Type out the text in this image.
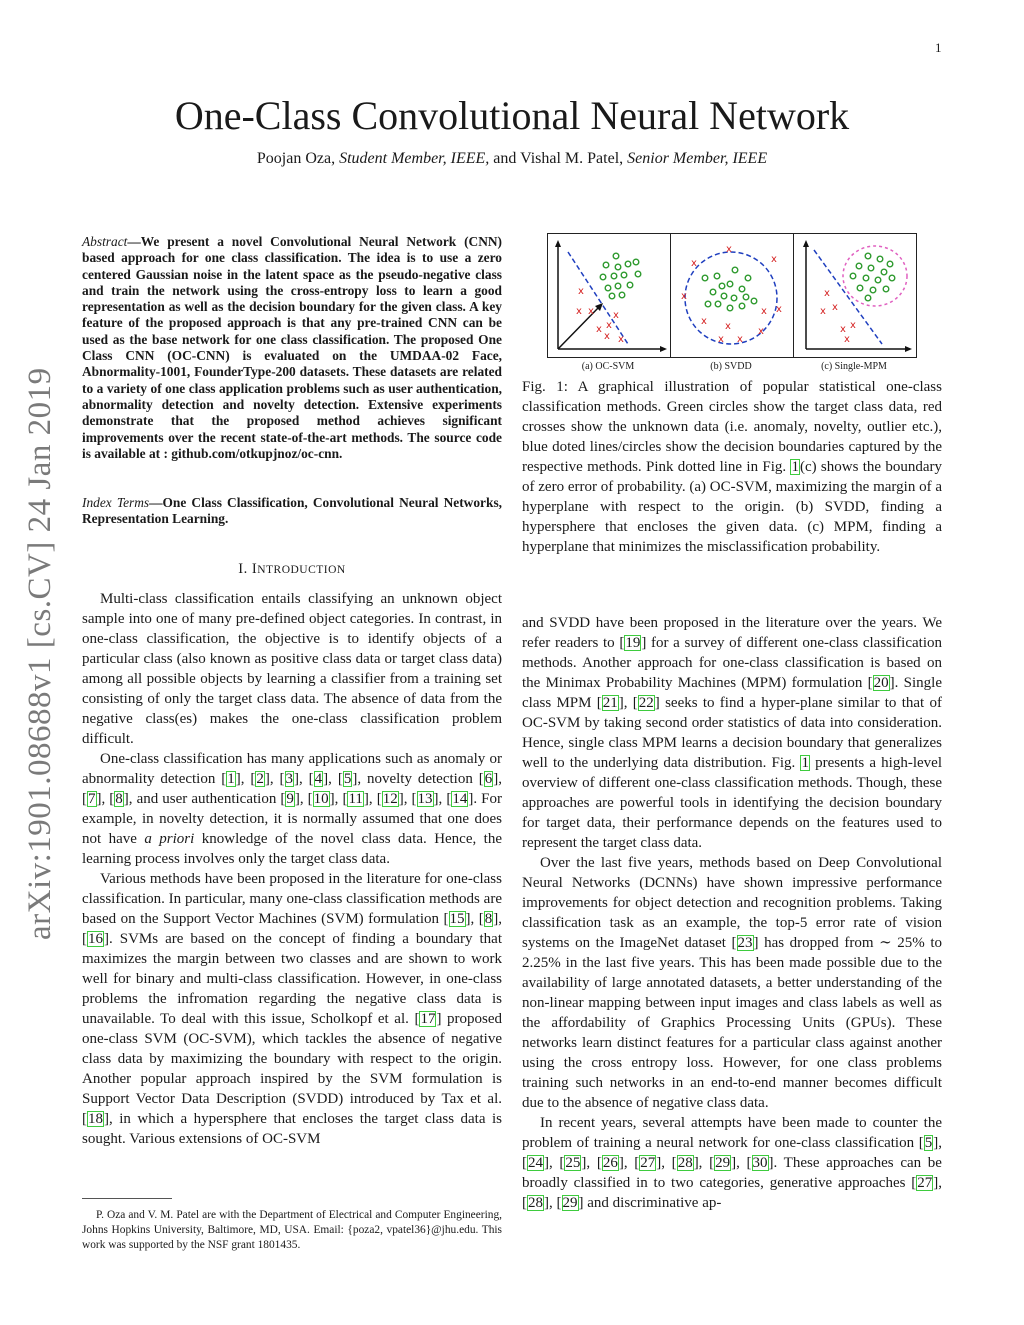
1
arXiv:1901.08688v1 [cs.CV] 24 Jan 2019
One-Class Convolutional Neural Network
Poojan Oza, Student Member, IEEE, and Vishal M. Patel, Senior Member, IEEE
Abstract—We present a novel Convolutional Neural Network (CNN) based approach for one class classification. The idea is to use a zero centered Gaussian noise in the latent space as the pseudo-negative class and train the network using the cross-entropy loss to learn a good representation as well as the decision boundary for the given class. A key feature of the proposed approach is that any pre-trained CNN can be used as the base network for one class classification. The proposed One Class CNN (OC-CNN) is evaluated on the UMDAA-02 Face, Abnormality-1001, FounderType-200 datasets. These datasets are related to a variety of one class application problems such as user authentication, abnormality detection and novelty detection. Extensive experiments demonstrate that the proposed method achieves significant improvements over the recent state-of-the-art methods. The source code is available at : github.com/otkupjnoz/oc-cnn.
Index Terms—One Class Classification, Convolutional Neural Networks, Representation Learning.
I. INTRODUCTION

Multi-class classification entails classifying an unknown object sample into one of many pre-defined object categories. In contrast, in one-class classification, the objective is to identify objects of a particular class (also known as positive class data or target class data) among all possible objects by learning a classifier from a training set consisting of only the target class data. The absence of data from the negative class(es) makes the one-class classification problem difficult.

One-class classification has many applications such as anomaly or abnormality detection [1], [2], [3], [4], [5], novelty detection [6], [7], [8], and user authentication [9], [10], [11], [12], [13], [14]. For example, in novelty detection, it is normally assumed that one does not have a priori knowledge of the novel class data. Hence, the learning process involves only the target class data.

Various methods have been proposed in the literature for one-class classification. In particular, many one-class classification methods are based on the Support Vector Machines (SVM) formulation [15], [8], [16]. SVMs are based on the concept of finding a boundary that maximizes the margin between two classes and are shown to work well for binary and multi-class classification. However, in one-class problems the infromation regarding the negative class data is unavailable. To deal with this issue, Scholkopf et al. [17] proposed one-class SVM (OC-SVM), which tackles the absence of negative class data by maximizing the boundary with respect to the origin. Another popular approach inspired by the SVM formulation is Support Vector Data Description (SVDD) introduced by Tax et al. [18], in which a hypersphere that encloses the target class data is sought. Various extensions of OC-SVM

P. Oza and V. M. Patel are with the Department of Electrical and Computer Engineering, Johns Hopkins University, Baltimore, MD, USA. Email: {poza2, vpatel36}@jhu.edu. This work was supported by the NSF grant 1801435.
x
x x
x x
x
x
x
x
x
x
x
x
x
x x	x
x x
x
x
x
x x
x
(a) OC-SVM	(b) SVDD	(c) Single-MPM
Fig. 1: A graphical illustration of popular statistical one-class classification methods. Green circles show the target class data, red crosses show the unknown data (i.e. anomaly, novelty, outlier etc.), blue doted lines/circles show the decision boundaries captured by the respective methods. Pink dotted line in Fig. 1(c) shows the boundary of zero error of probability. (a) OC-SVM, maximizing the margin of a hyperplane with respect to the origin. (b) SVDD, finding a hypersphere that encloses the given data. (c) MPM, finding a hyperplane that minimizes the misclassification probability.

and SVDD have been proposed in the literature over the years. We refer readers to [19] for a survey of different one-class classification methods. Another approach for one-class classification is based on the Minimax Probability Machines (MPM) formulation [20]. Single class MPM [21], [22] seeks to find a hyper-plane similar to that of OC-SVM by taking second order statistics of data into consideration. Hence, single class MPM learns a decision boundary that generalizes well to the underlying data distribution. Fig. 1 presents a high-level overview of different one-class classification methods. Though, these approaches are powerful tools in identifying the decision boundary for target data, their performance depends on the features used to represent the target class data.

Over the last five years, methods based on Deep Convolutional Neural Networks (DCNNs) have shown impressive performance improvements for object detection and recognition problems. Taking classification task as an example, the top-5 error rate of vision systems on the ImageNet dataset [23] has dropped from ∼ 25% to 2.25% in the last five years. This has been made possible due to the availability of large annotated datasets, a better understanding of the non-linear mapping between input images and class labels as well as the affordability of Graphics Processing Units (GPUs). These networks learn distinct features for a particular class against another using the cross entropy loss. However, for one class problems training such networks in an end-to-end manner becomes difficult due to the absence of negative class data.

In recent years, several attempts have been made to counter the problem of training a neural network for one-class classification [5], [24], [25], [26], [27], [28], [29], [30]. These approaches can be broadly classified in to two categories, generative approaches [27], [28], [29] and discriminative ap-
